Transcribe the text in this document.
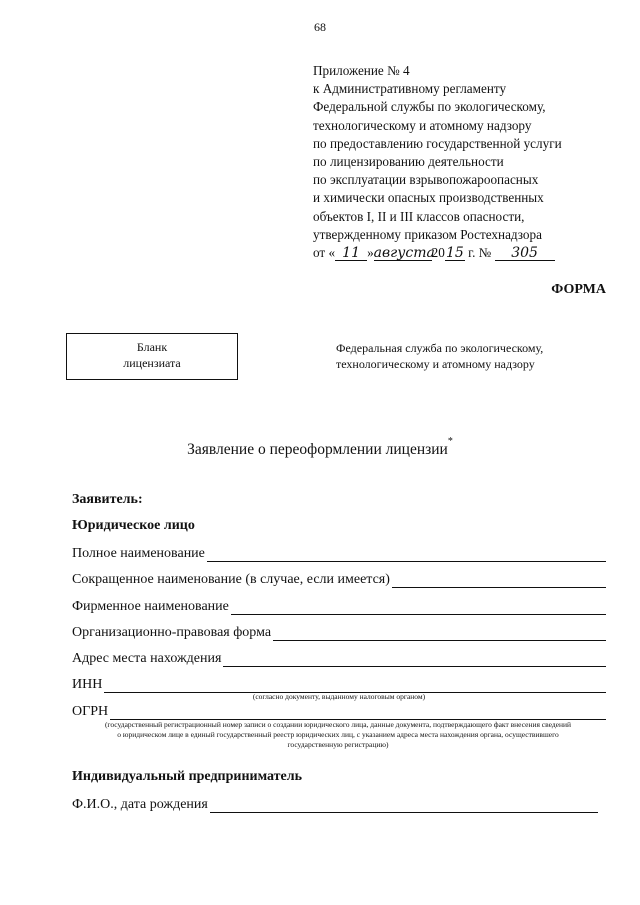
68
Приложение № 4
к Административному регламенту
Федеральной службы по экологическому,
технологическому и атомному надзору
по предоставлению государственной услуги
по лицензированию деятельности
по эксплуатации взрывопожароопасных
и химически опасных производственных
объектов I, II и III классов опасности,
утвержденному приказом Ростехнадзора
от « 11 »августа2015 г. № 305
ФОРМА
Бланк
лицензиата
Федеральная служба по экологическому,
технологическому и атомному надзору
Заявление о переоформлении лицензии*
Заявитель:
Юридическое лицо
Полное наименование
Сокращенное наименование (в случае, если имеется)
Фирменное наименование
Организационно-правовая форма
Адрес места нахождения
ИНН
(согласно документу, выданному налоговым органом)
ОГРН
(государственный регистрационный номер записи о создании юридического лица, данные документа, подтверждающего факт внесения сведений
о юридическом лице в единый государственный реестр юридических лиц, с указанием адреса места нахождения органа, осуществившего
государственную регистрацию)
Индивидуальный предприниматель
Ф.И.О., дата рождения
